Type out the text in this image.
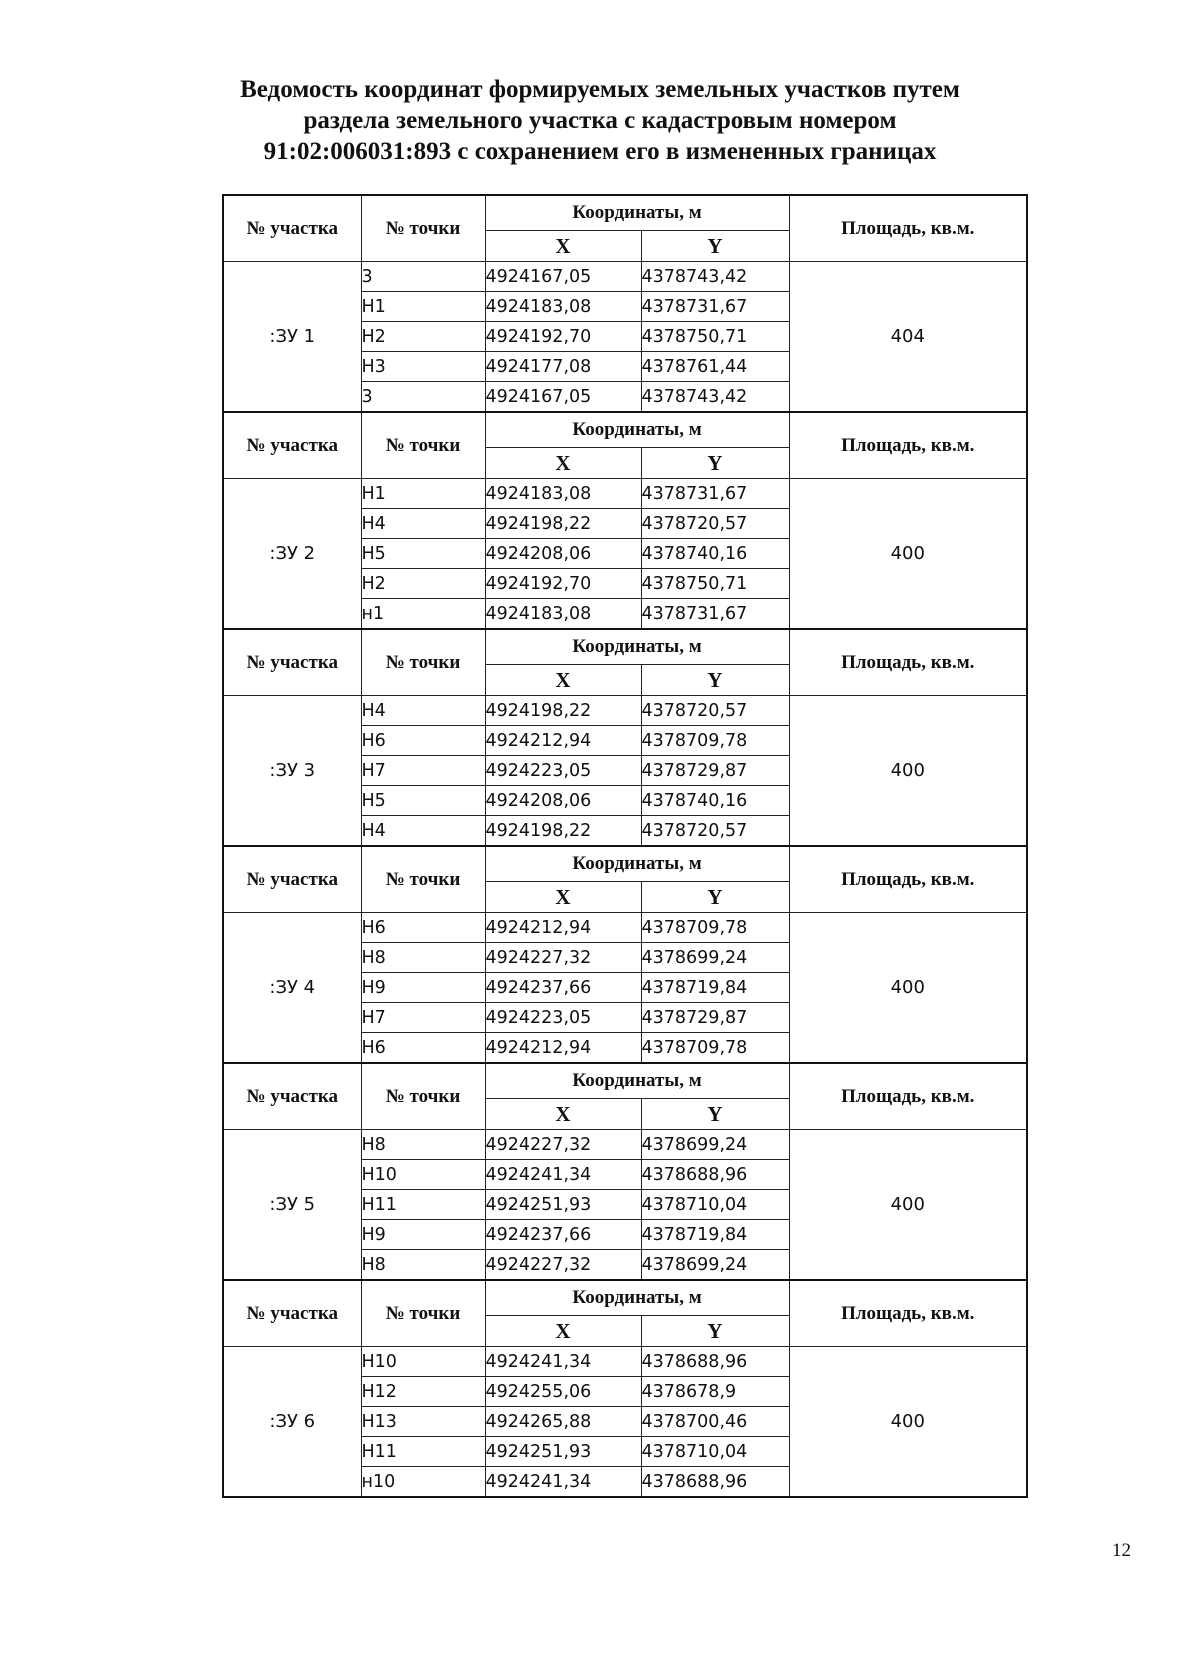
Ведомость координат формируемых земельных участков путем
раздела земельного участка с кадастровым номером
91:02:006031:893 с сохранением его в измененных границах
№ участка	№ точки	Координаты, м		Площадь, кв.м.
		X	Y	
:ЗУ 1	3	4924167,05	4378743,42	404
	Н1	4924183,08	4378731,67	
	Н2	4924192,70	4378750,71	
	Н3	4924177,08	4378761,44	
	3	4924167,05	4378743,42	
№ участка	№ точки	Координаты, м		Площадь, кв.м.
		X	Y	
:ЗУ 2	Н1	4924183,08	4378731,67	400
	Н4	4924198,22	4378720,57	
	Н5	4924208,06	4378740,16	
	Н2	4924192,70	4378750,71	
	н1	4924183,08	4378731,67	
№ участка	№ точки	Координаты, м		Площадь, кв.м.
		X	Y	
:ЗУ 3	Н4	4924198,22	4378720,57	400
	Н6	4924212,94	4378709,78	
	Н7	4924223,05	4378729,87	
	Н5	4924208,06	4378740,16	
	Н4	4924198,22	4378720,57	
№ участка	№ точки	Координаты, м		Площадь, кв.м.
		X	Y	
:ЗУ 4	Н6	4924212,94	4378709,78	400
	Н8	4924227,32	4378699,24	
	Н9	4924237,66	4378719,84	
	Н7	4924223,05	4378729,87	
	Н6	4924212,94	4378709,78	
№ участка	№ точки	Координаты, м		Площадь, кв.м.
		X	Y	
:ЗУ 5	Н8	4924227,32	4378699,24	400
	Н10	4924241,34	4378688,96	
	Н11	4924251,93	4378710,04	
	Н9	4924237,66	4378719,84	
	Н8	4924227,32	4378699,24	
№ участка	№ точки	Координаты, м		Площадь, кв.м.
		X	Y	
:ЗУ 6	Н10	4924241,34	4378688,96	400
	Н12	4924255,06	4378678,9	
	Н13	4924265,88	4378700,46	
	Н11	4924251,93	4378710,04	
	н10	4924241,34	4378688,96	
12
